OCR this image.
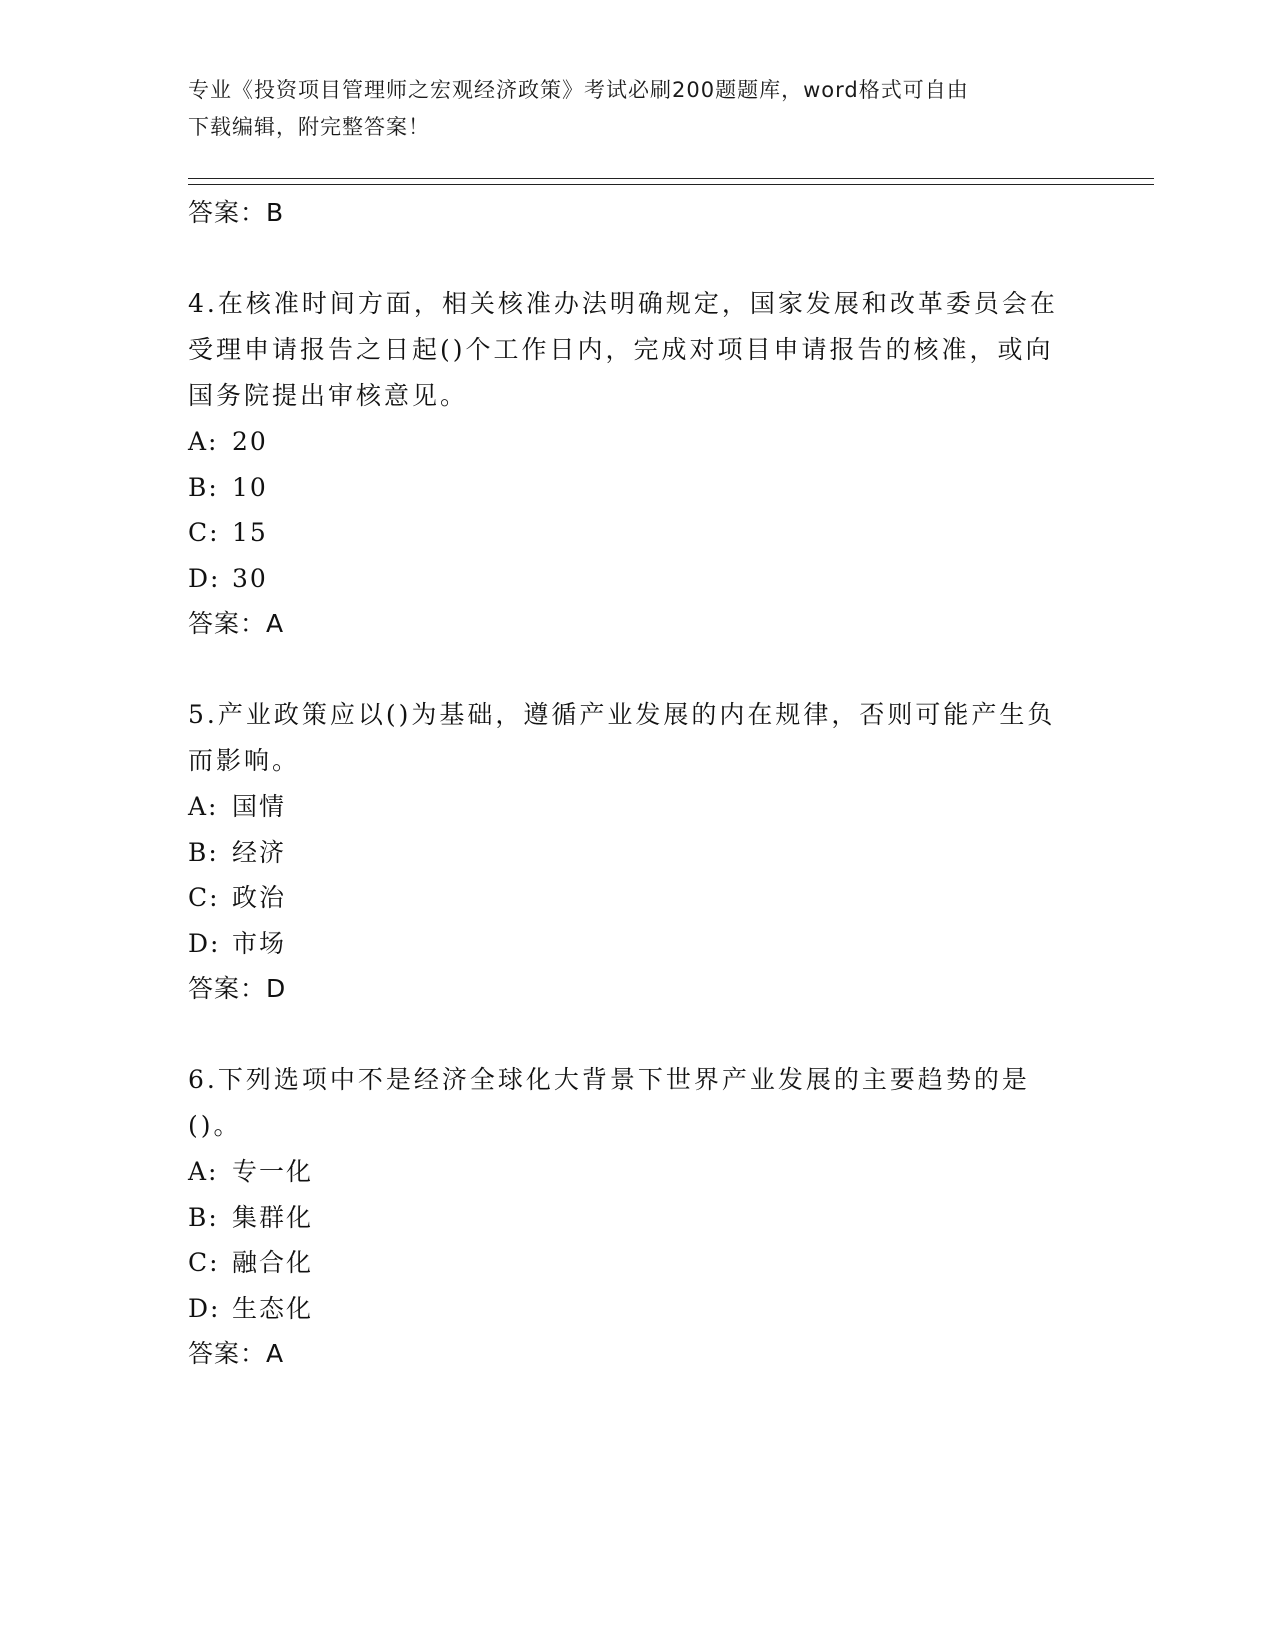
专业《投资项目管理师之宏观经济政策》考试必刷200题题库，word格式可自由
下载编辑，附完整答案！
答案：B
4.在核准时间方面，相关核准办法明确规定，国家发展和改革委员会在受理申请报告之日起()个工作日内，完成对项目申请报告的核准，或向国务院提出审核意见。
A: 20
B: 10
C: 15
D: 30
答案：A
5.产业政策应以()为基础，遵循产业发展的内在规律，否则可能产生负而影响。
A: 国情
B: 经济
C: 政治
D: 市场
答案：D
6.下列选项中不是经济全球化大背景下世界产业发展的主要趋势的是()。
A: 专一化
B: 集群化
C: 融合化
D: 生态化
答案：A
